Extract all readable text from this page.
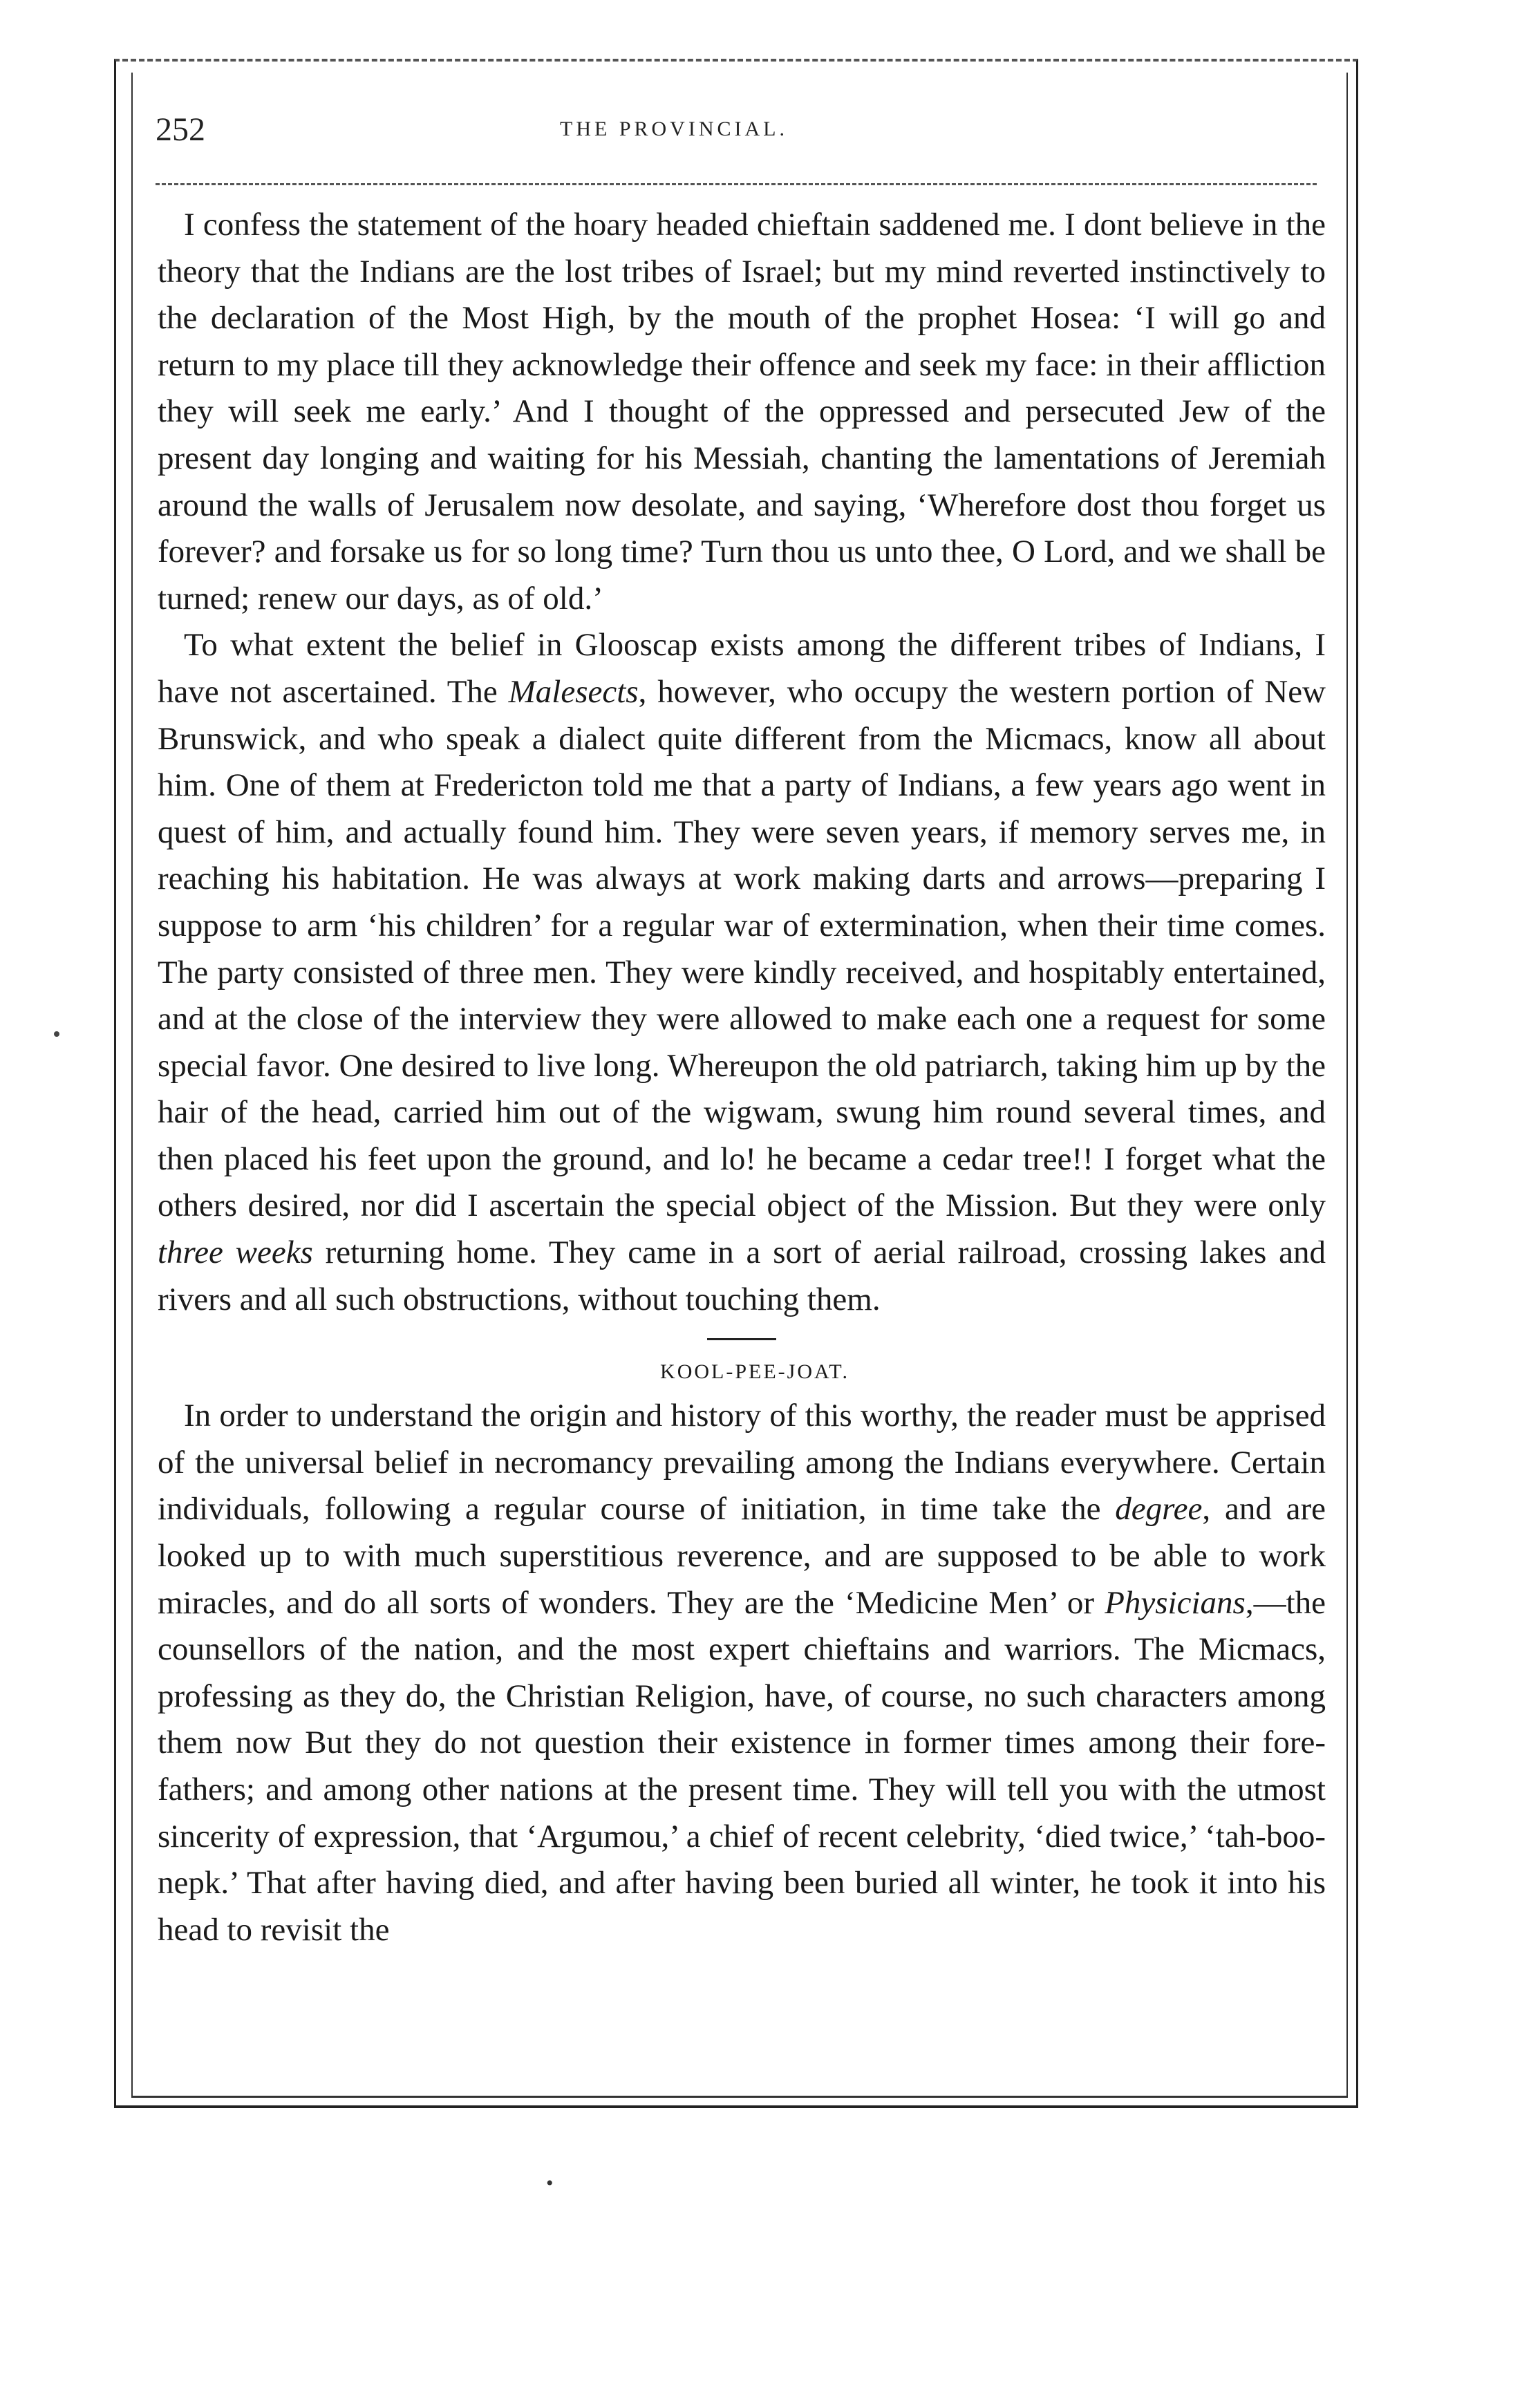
252	THE PROVINCIAL.

I confess the statement of the hoary headed chieftain saddened me. I dont believe in the theory that the Indians are the lost tribes of Israel; but my mind reverted instinctively to the declaration of the Most High, by the mouth of the prophet Hosea: ‘I will go and return to my place till they acknowledge their offence and seek my face: in their affliction they will seek me early.’ And I thought of the oppressed and persecuted Jew of the present day longing and waiting for his Messiah, chanting the lamentations of Jeremiah around the walls of Jerusalem now desolate, and saying, ‘Wherefore dost thou forget us forever? and forsake us for so long time? Turn thou us unto thee, O Lord, and we shall be turned; renew our days, as of old.’

To what extent the belief in Glooscap exists among the different tribes of Indians, I have not ascertained. The Malesects, however, who occupy the western portion of New Brunswick, and who speak a dialect quite different from the Micmacs, know all about him. One of them at Fredericton told me that a party of Indians, a few years ago went in quest of him, and actually found him. They were seven years, if memory serves me, in reaching his habitation. He was always at work making darts and arrows—preparing I suppose to arm ‘his children’ for a regular war of extermination, when their time comes. The party consisted of three men. They were kindly received, and hospitably entertained, and at the close of the interview they were allowed to make each one a request for some special favor. One desired to live long. Whereupon the old patriarch, taking him up by the hair of the head, carried him out of the wigwam, swung him round several times, and then placed his feet upon the ground, and lo! he became a cedar tree!! I forget what the others desired, nor did I ascertain the special object of the Mission. But they were only three weeks returning home. They came in a sort of aerial railroad, crossing lakes and rivers and all such obstructions, without touching them.

KOOL-PEE-JOAT.

In order to understand the origin and history of this worthy, the reader must be apprised of the universal belief in necromancy prevailing among the Indians everywhere. Certain individuals, following a regular course of initiation, in time take the degree, and are looked up to with much superstitious reverence, and are supposed to be able to work miracles, and do all sorts of wonders. They are the ‘Medicine Men’ or Physicians,—the counsellors of the nation, and the most expert chieftains and warriors. The Micmacs, professing as they do, the Christian Religion, have, of course, no such characters among them now But they do not question their existence in former times among their fore-fathers; and among other nations at the present time. They will tell you with the utmost sincerity of expression, that ‘Argumou,’ a chief of recent celebrity, ‘died twice,’ ‘tah-boo-nepk.’ That after having died, and after having been buried all winter, he took it into his head to revisit the

•
